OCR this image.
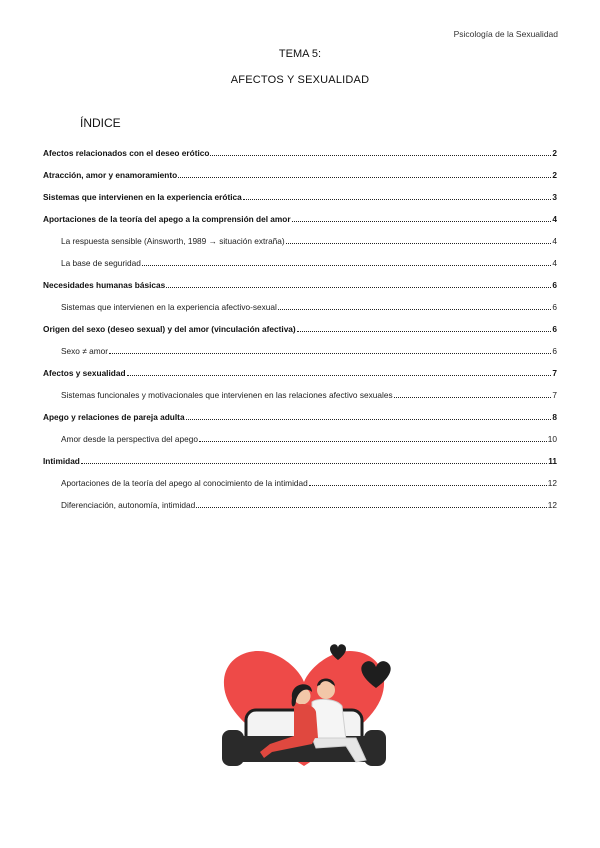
Psicología de la Sexualidad
TEMA 5:
AFECTOS Y SEXUALIDAD
ÍNDICE
Afectos relacionados con el deseo erótico	2
Atracción, amor y enamoramiento	2
Sistemas que intervienen en la experiencia erótica	3
Aportaciones de la teoría del apego a la comprensión del amor	4
La respuesta sensible (Ainsworth, 1989 → situación extraña)	4
La base de seguridad	4
Necesidades humanas básicas	6
Sistemas que intervienen en la experiencia afectivo-sexual	6
Origen del sexo (deseo sexual) y del amor (vinculación afectiva)	6
Sexo ≠ amor	6
Afectos y sexualidad	7
Sistemas funcionales y motivacionales que intervienen en las relaciones afectivo sexuales	7
Apego y relaciones de pareja adulta	8
Amor desde la perspectiva del apego	10
Intimidad	11
Aportaciones de la teoría del apego al conocimiento de la intimidad	12
Diferenciación, autonomía, intimidad	12
